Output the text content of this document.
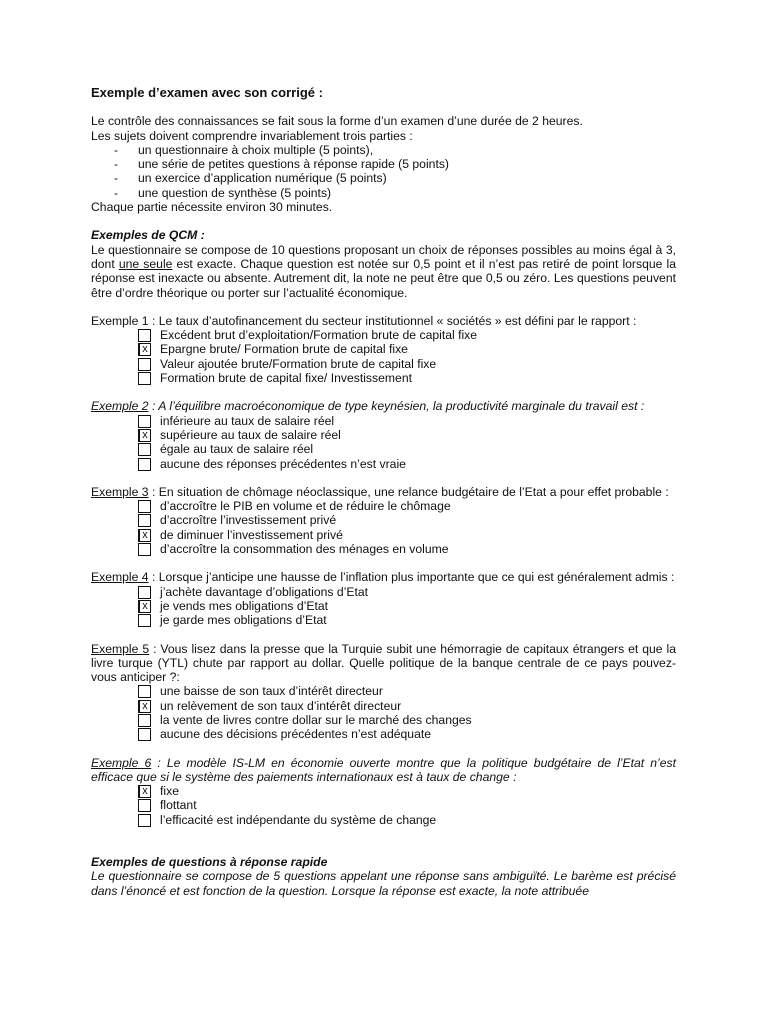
Exemple d’examen avec son corrigé :

Le contrôle des connaissances se fait sous la forme d’un examen d’une durée de 2 heures.

Les sujets doivent comprendre invariablement trois parties :

- un questionnaire à choix multiple (5 points),
- une série de petites questions à réponse rapide (5 points)
- un exercice d’application numérique (5 points)
- une question de synthèse (5 points)

Chaque partie nécessite environ 30 minutes.

Exemples de QCM :

Le questionnaire se compose de 10 questions proposant un choix de réponses possibles au moins égal à 3, dont une seule est exacte. Chaque question est notée sur 0,5 point et il n’est pas retiré de point lorsque la réponse est inexacte ou absente. Autrement dit, la note ne peut être que 0,5 ou zéro. Les questions peuvent être d’ordre théorique ou porter sur l’actualité économique.

Exemple 1 : Le taux d’autofinancement du secteur institutionnel « sociétés » est défini par le rapport :

Excédent brut d’exploitation/Formation brute de capital fixe
x Epargne brute/ Formation brute de capital fixe
Valeur ajoutée brute/Formation brute de capital fixe
Formation brute de capital fixe/ Investissement

Exemple 2 : A l’équilibre macroéconomique de type keynésien, la productivité marginale du travail est :

inférieure au taux de salaire réel
x supérieure au taux de salaire réel
égale au taux de salaire réel
aucune des réponses précédentes n’est vraie

Exemple 3 : En situation de chômage néoclassique, une relance budgétaire de l’Etat a pour effet probable :

d’accroître le PIB en volume et de réduire le chômage
d’accroître l’investissement privé
x de diminuer l’investissement privé
d’accroître la consommation des ménages en volume

Exemple 4 : Lorsque j’anticipe une hausse de l’inflation plus importante que ce qui est généralement admis :

j’achète davantage d’obligations d’Etat
x je vends mes obligations d’Etat
je garde mes obligations d’Etat

Exemple 5 : Vous lisez dans la presse que la Turquie subit une hémorragie de capitaux étrangers et que la livre turque (YTL) chute par rapport au dollar. Quelle politique de la banque centrale de ce pays pouvez-vous anticiper ?:

une baisse de son taux d’intérêt directeur
x un relèvement de son taux d’intérêt directeur
la vente de livres contre dollar sur le marché des changes
aucune des décisions précédentes n’est adéquate

Exemple 6 : Le modèle IS-LM en économie ouverte montre que la politique budgétaire de l’Etat n’est efficace que si le système des paiements internationaux est à taux de change :

x fixe
flottant
l’efficacité est indépendante du système de change

Exemples de questions à réponse rapide

Le questionnaire se compose de 5 questions appelant une réponse sans ambiguïté. Le barème est précisé dans l’énoncé et est fonction de la question. Lorsque la réponse est exacte, la note attribuée
